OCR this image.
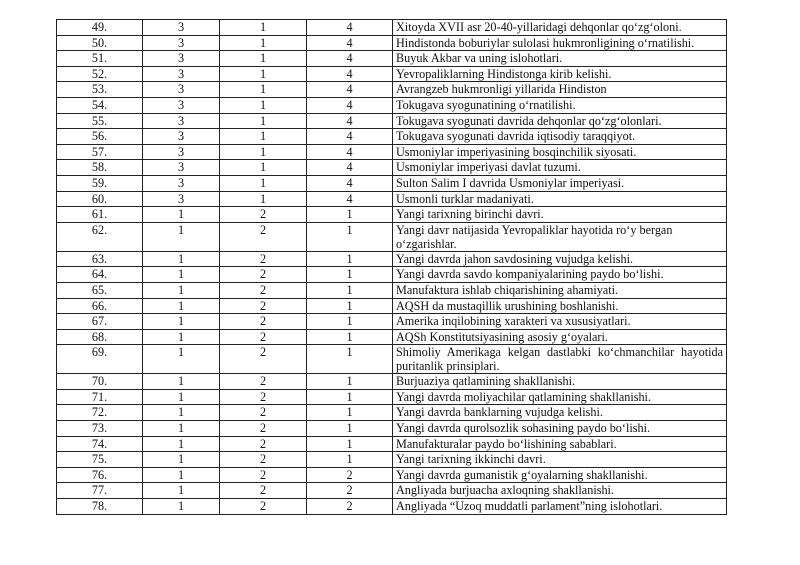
49.	3	1	4	Xitoyda XVII asr 20-40-yillaridagi dehqonlar qo‘zg‘oloni.
50.	3	1	4	Hindistonda boburiylar sulolasi hukmronligining o‘rnatilishi.
51.	3	1	4	Buyuk Akbar va uning islohotlari.
52.	3	1	4	Yevropaliklarning Hindistonga kirib kelishi.
53.	3	1	4	Avrangzeb hukmronligi yillarida Hindiston
54.	3	1	4	Tokugava syogunatining o‘rnatilishi.
55.	3	1	4	Tokugava syogunati davrida dehqonlar qo‘zg‘olonlari.
56.	3	1	4	Tokugava syogunati davrida iqtisodiy taraqqiyot.
57.	3	1	4	Usmoniylar imperiyasining bosqinchilik siyosati.
58.	3	1	4	Usmoniylar imperiyasi davlat tuzumi.
59.	3	1	4	Sulton Salim I davrida Usmoniylar imperiyasi.
60.	3	1	4	Usmonli turklar madaniyati.
61.	1	2	1	Yangi tarixning birinchi davri.
62.	1	2	1	Yangi davr natijasida Yevropaliklar hayotida ro‘y bergan o‘zgarishlar.
63.	1	2	1	Yangi davrda jahon savdosining vujudga kelishi.
64.	1	2	1	Yangi davrda savdo kompaniyalarining paydo bo‘lishi.
65.	1	2	1	Manufaktura ishlab chiqarishining ahamiyati.
66.	1	2	1	AQSH da mustaqillik urushining boshlanishi.
67.	1	2	1	Amerika inqilobining xarakteri va xususiyatlari.
68.	1	2	1	AQSh Konstitutsiyasining asosiy g‘oyalari.
69.	1	2	1	Shimoliy Amerikaga kelgan dastlabki ko‘chmanchilar hayotida puritanlik prinsiplari.
70.	1	2	1	Burjuaziya qatlamining shakllanishi.
71.	1	2	1	Yangi davrda moliyachilar qatlamining shakllanishi.
72.	1	2	1	Yangi davrda banklarning vujudga kelishi.
73.	1	2	1	Yangi davrda qurolsozlik sohasining paydo bo‘lishi.
74.	1	2	1	Manufakturalar paydo bo‘lishining sabablari.
75.	1	2	1	Yangi tarixning ikkinchi davri.
76.	1	2	2	Yangi davrda gumanistik g‘oyalarning shakllanishi.
77.	1	2	2	Angliyada burjuacha axloqning shakllanishi.
78.	1	2	2	Angliyada “Uzoq muddatli parlament”ning islohotlari.
